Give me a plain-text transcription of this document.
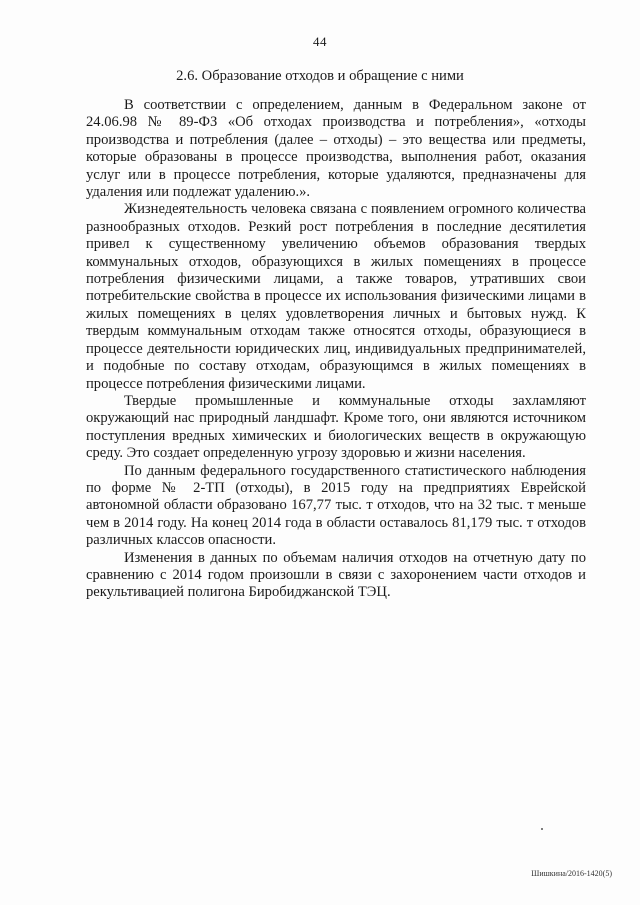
44
2.6. Образование отходов и обращение с ними

В соответствии с определением, данным в Федеральном законе от 24.06.98 № 89-ФЗ «Об отходах производства и потребления», «отходы производства и потребления (далее – отходы) – это вещества или предметы, которые образованы в процессе производства, выполнения работ, оказания услуг или в процессе потребления, которые удаляются, предназначены для удаления или подлежат удалению.».

Жизнедеятельность человека связана с появлением огромного количества разнообразных отходов. Резкий рост потребления в последние десятилетия привел к существенному увеличению объемов образования твердых коммунальных отходов, образующихся в жилых помещениях в процессе потребления физическими лицами, а также товаров, утративших свои потребительские свойства в процессе их использования физическими лицами в жилых помещениях в целях удовлетворения личных и бытовых нужд. К твердым коммунальным отходам также относятся отходы, образующиеся в процессе деятельности юридических лиц, индивидуальных предпринимателей, и подобные по составу отходам, образующимся в жилых помещениях в процессе потребления физическими лицами.

Твердые промышленные и коммунальные отходы захламляют окружающий нас природный ландшафт. Кроме того, они являются источником поступления вредных химических и биологических веществ в окружающую среду. Это создает определенную угрозу здоровью и жизни населения.

По данным федерального государственного статистического наблюдения по форме № 2-ТП (отходы), в 2015 году на предприятиях Еврейской автономной области образовано 167,77 тыс. т отходов, что на 32 тыс. т меньше чем в 2014 году. На конец 2014 года в области оставалось 81,179 тыс. т отходов различных классов опасности.

Изменения в данных по объемам наличия отходов на отчетную дату по сравнению с 2014 годом произошли в связи с захоронением части отходов и рекультивацией полигона Биробиджанской ТЭЦ.

Шишкина/2016-1420(5)
